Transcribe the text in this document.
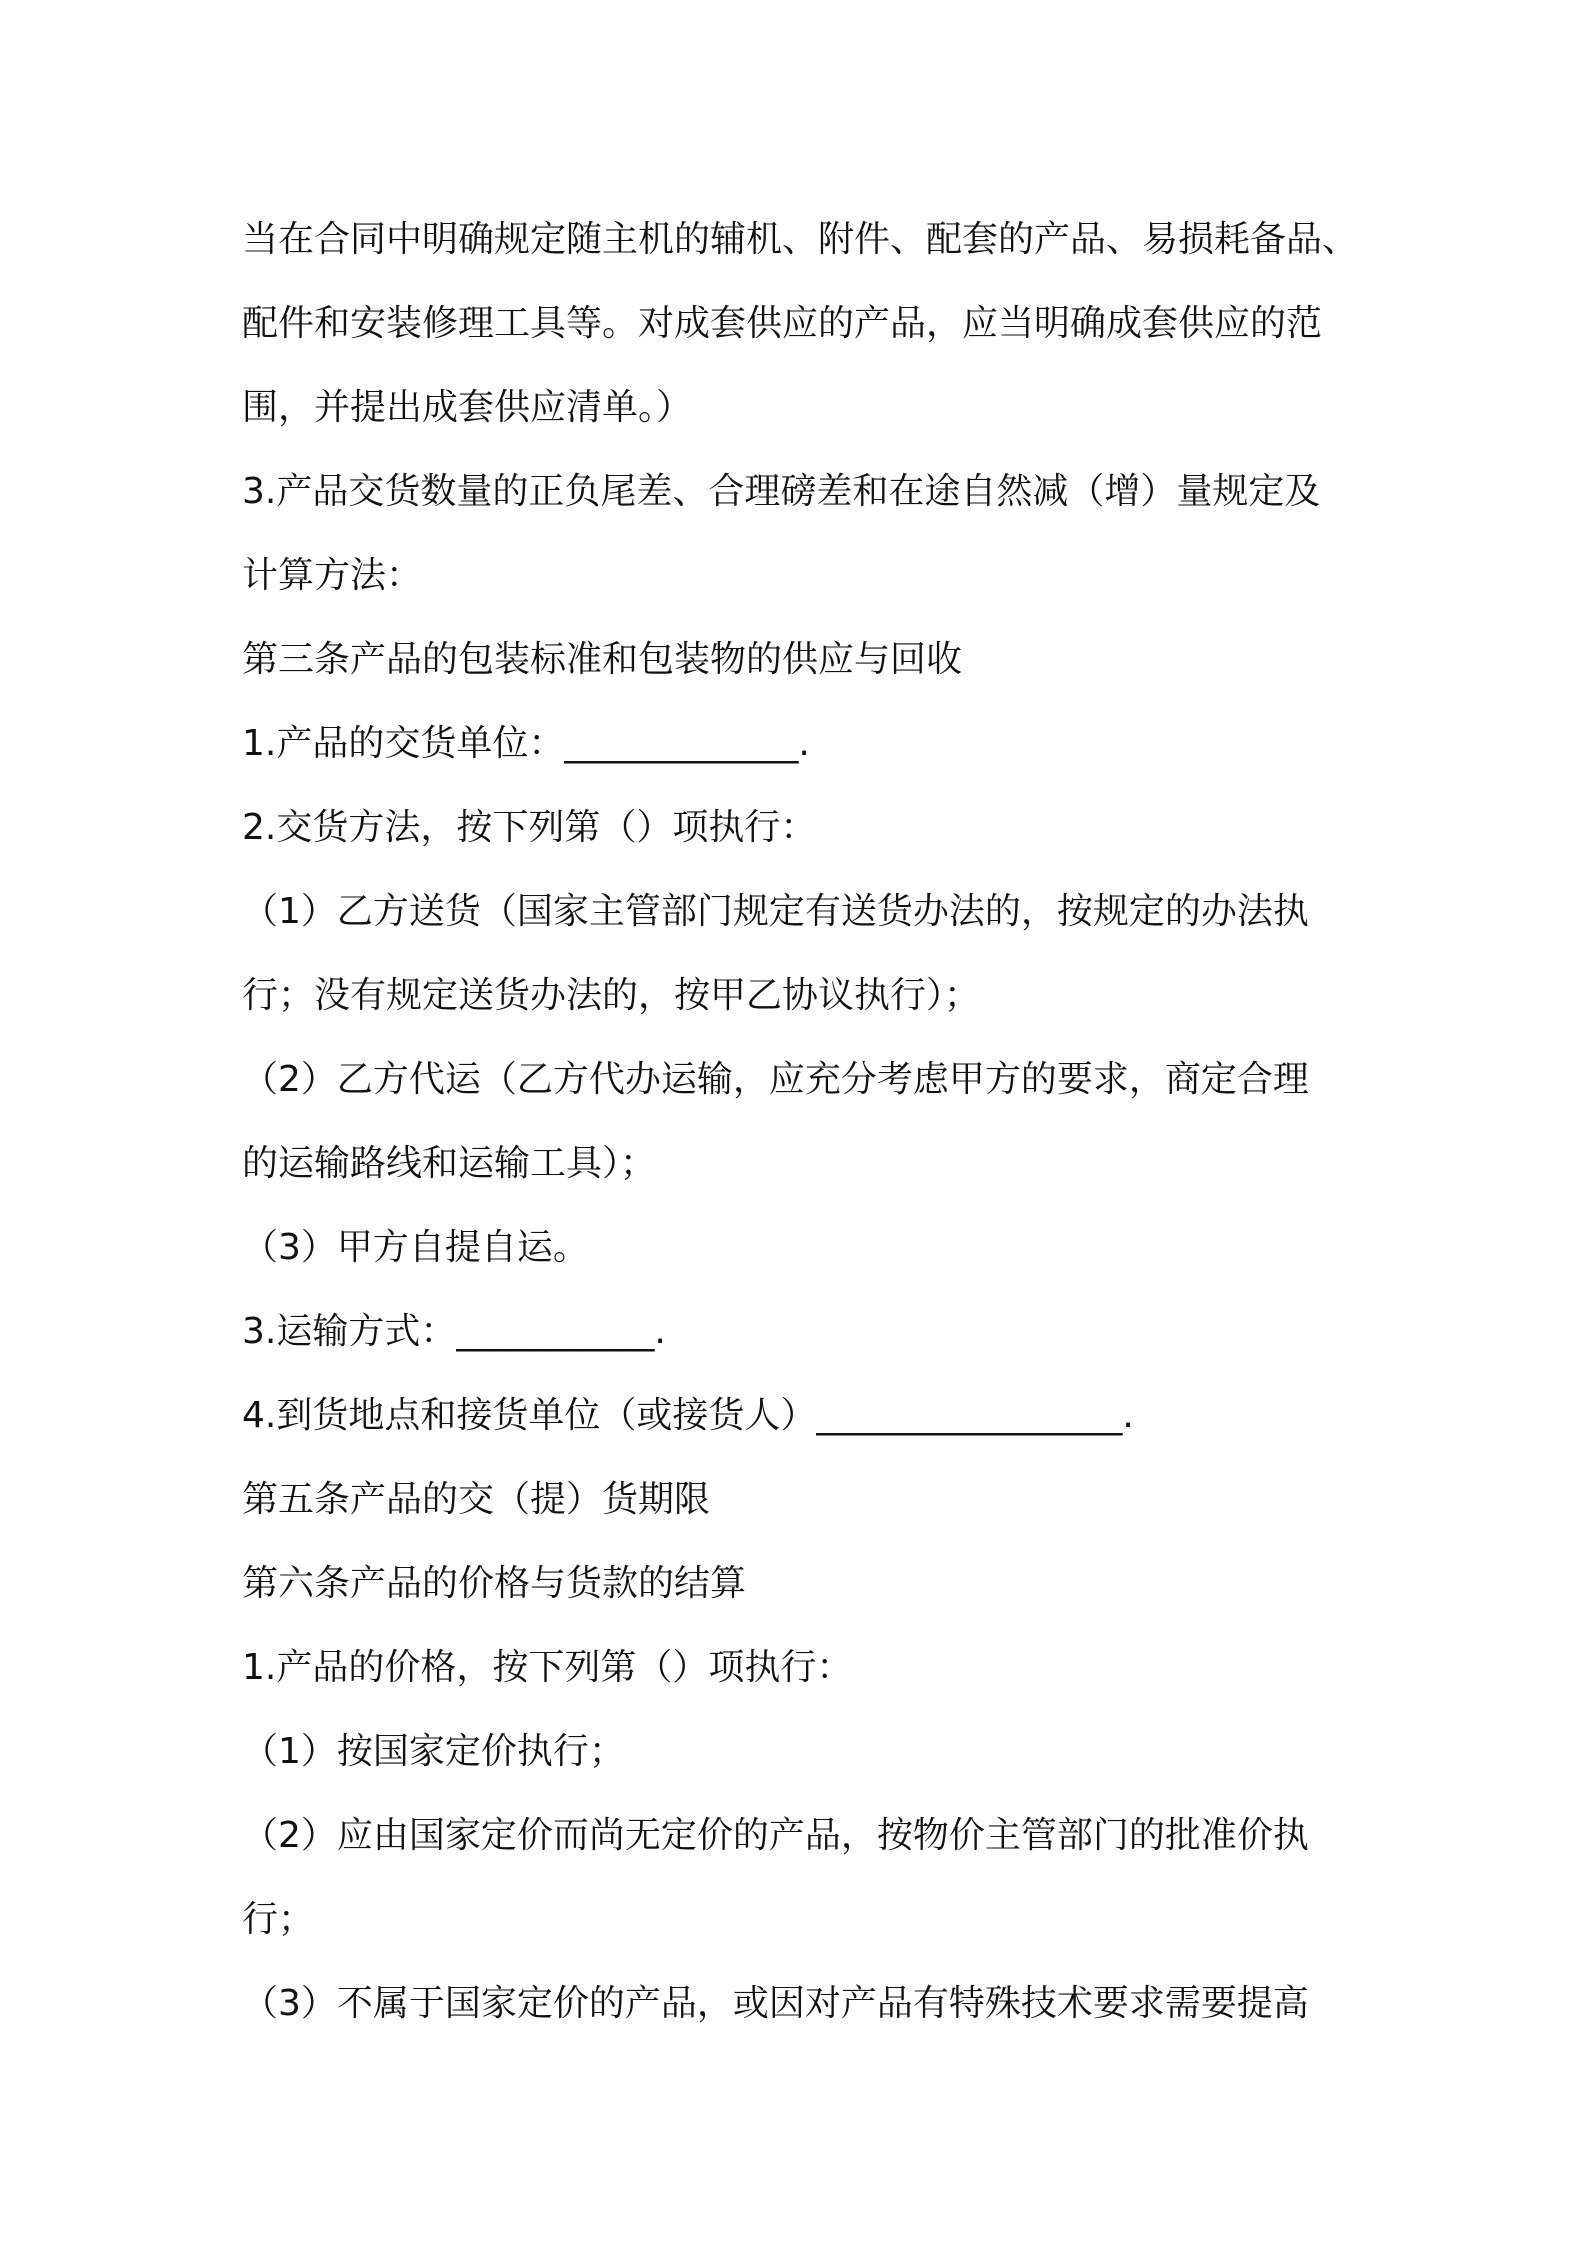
当在合同中明确规定随主机的辅机、附件、配套的产品、易损耗备品、
配件和安装修理工具等。对成套供应的产品，应当明确成套供应的范
围，并提出成套供应清单。）
3.产品交货数量的正负尾差、合理磅差和在途自然减（增）量规定及
计算方法：
第三条产品的包装标准和包装物的供应与回收
1.产品的交货单位：_____________.
2.交货方法，按下列第（）项执行：
（1）乙方送货（国家主管部门规定有送货办法的，按规定的办法执
行；没有规定送货办法的，按甲乙协议执行）；
（2）乙方代运（乙方代办运输，应充分考虑甲方的要求，商定合理
的运输路线和运输工具）；
（3）甲方自提自运。
3.运输方式：___________.
4.到货地点和接货单位（或接货人）_________________.
第五条产品的交（提）货期限
第六条产品的价格与货款的结算
1.产品的价格，按下列第（）项执行：
（1）按国家定价执行；
（2）应由国家定价而尚无定价的产品，按物价主管部门的批准价执
行；
（3）不属于国家定价的产品，或因对产品有特殊技术要求需要提高
